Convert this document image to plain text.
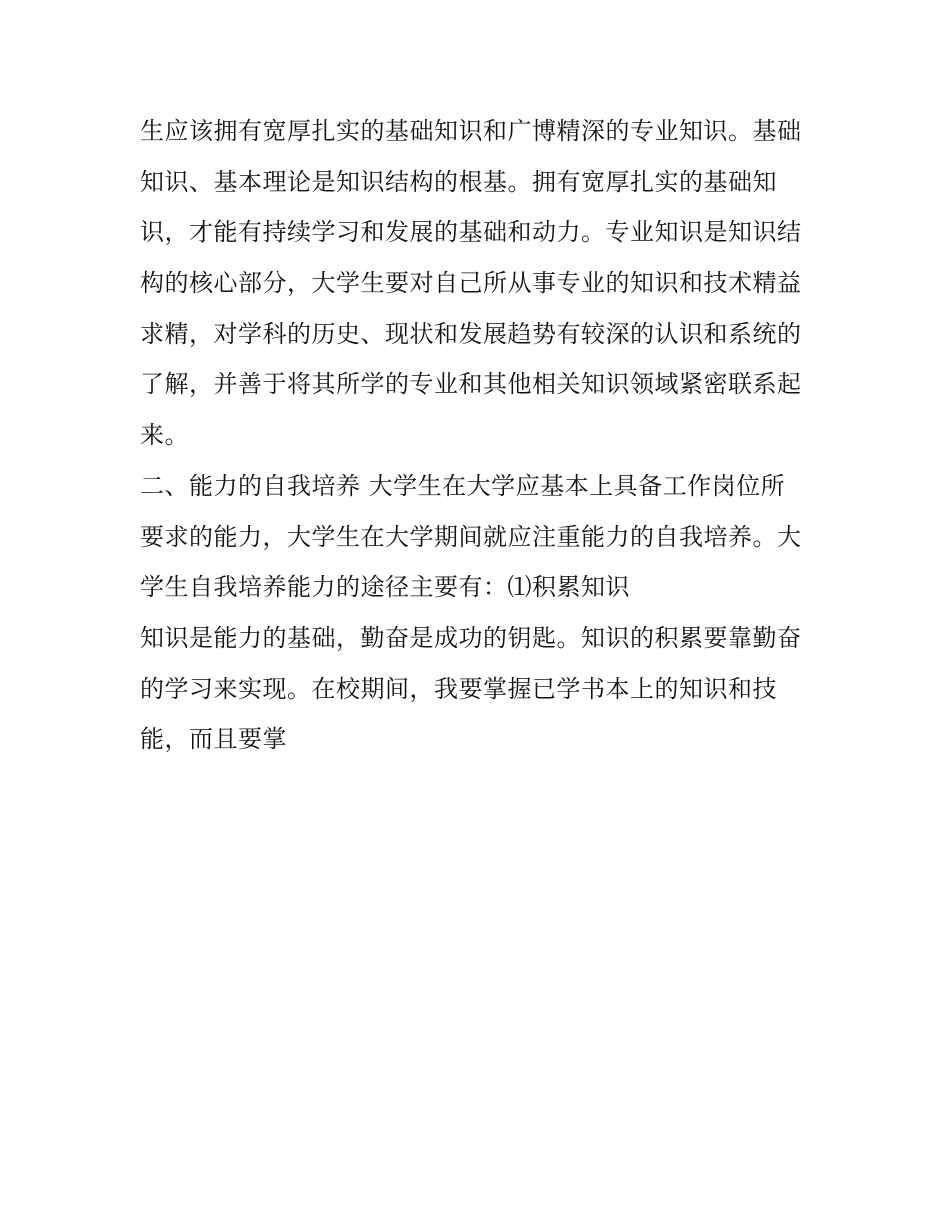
生应该拥有宽厚扎实的基础知识和广博精深的专业知识。基础
知识、基本理论是知识结构的根基。拥有宽厚扎实的基础知
识，才能有持续学习和发展的基础和动力。专业知识是知识结
构的核心部分，大学生要对自己所从事专业的知识和技术精益
求精，对学科的历史、现状和发展趋势有较深的认识和系统的
了解，并善于将其所学的专业和其他相关知识领域紧密联系起
来。
二、能力的自我培养 大学生在大学应基本上具备工作岗位所
要求的能力，大学生在大学期间就应注重能力的自我培养。大
学生自我培养能力的途径主要有：⑴积累知识
知识是能力的基础，勤奋是成功的钥匙。知识的积累要靠勤奋
的学习来实现。在校期间，我要掌握已学书本上的知识和技
能，而且要掌
